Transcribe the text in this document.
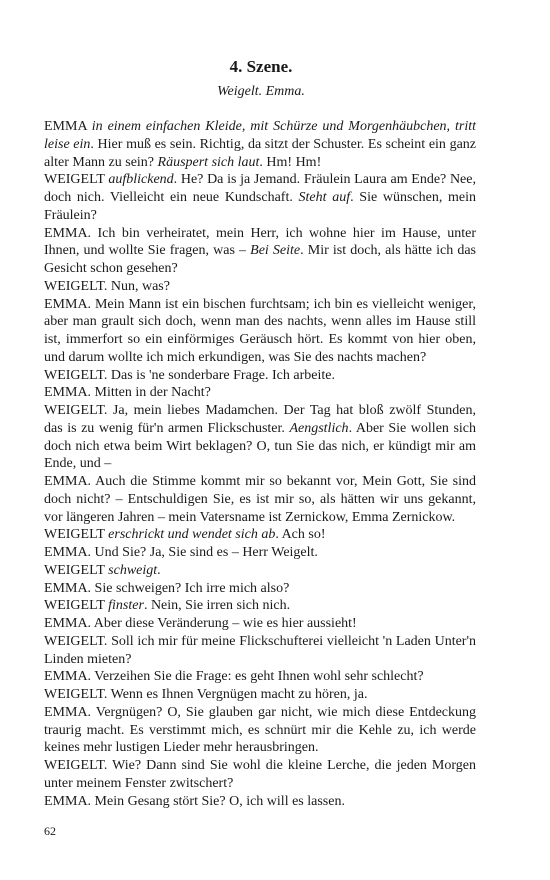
4. Szene.
Weigelt. Emma.

EMMA in einem einfachen Kleide, mit Schürze und Morgenhäubchen, tritt leise ein. Hier muß es sein. Richtig, da sitzt der Schuster. Es scheint ein ganz alter Mann zu sein? Räuspert sich laut. Hm! Hm!

WEIGELT aufblickend. He? Da is ja Jemand. Fräulein Laura am Ende? Nee, doch nich. Vielleicht ein neue Kundschaft. Steht auf. Sie wünschen, mein Fräulein?

EMMA. Ich bin verheiratet, mein Herr, ich wohne hier im Hause, unter Ihnen, und wollte Sie fragen, was – Bei Seite. Mir ist doch, als hätte ich das Gesicht schon gesehen?

WEIGELT. Nun, was?

EMMA. Mein Mann ist ein bischen furchtsam; ich bin es vielleicht weniger, aber man grault sich doch, wenn man des nachts, wenn alles im Hause still ist, immerfort so ein einförmiges Geräusch hört. Es kommt von hier oben, und darum wollte ich mich erkundigen, was Sie des nachts machen?

WEIGELT. Das is 'ne sonderbare Frage. Ich arbeite.

EMMA. Mitten in der Nacht?

WEIGELT. Ja, mein liebes Madamchen. Der Tag hat bloß zwölf Stunden, das is zu wenig für'n armen Flickschuster. Aengstlich. Aber Sie wollen sich doch nich etwa beim Wirt beklagen? O, tun Sie das nich, er kündigt mir am Ende, und –

EMMA. Auch die Stimme kommt mir so bekannt vor, Mein Gott, Sie sind doch nicht? – Entschuldigen Sie, es ist mir so, als hätten wir uns gekannt, vor längeren Jahren – mein Vatersname ist Zernickow, Emma Zernickow.

WEIGELT erschrickt und wendet sich ab. Ach so!

EMMA. Und Sie? Ja, Sie sind es – Herr Weigelt.

WEIGELT schweigt.

EMMA. Sie schweigen? Ich irre mich also?

WEIGELT finster. Nein, Sie irren sich nich.

EMMA. Aber diese Veränderung – wie es hier aussieht!

WEIGELT. Soll ich mir für meine Flickschufterei vielleicht 'n Laden Unter'n Linden mieten?

EMMA. Verzeihen Sie die Frage: es geht Ihnen wohl sehr schlecht?

WEIGELT. Wenn es Ihnen Vergnügen macht zu hören, ja.

EMMA. Vergnügen? O, Sie glauben gar nicht, wie mich diese Entdeckung traurig macht. Es verstimmt mich, es schnürt mir die Kehle zu, ich werde keines mehr lustigen Lieder mehr herausbringen.

WEIGELT. Wie? Dann sind Sie wohl die kleine Lerche, die jeden Morgen unter meinem Fenster zwitschert?

EMMA. Mein Gesang stört Sie? O, ich will es lassen.

62
